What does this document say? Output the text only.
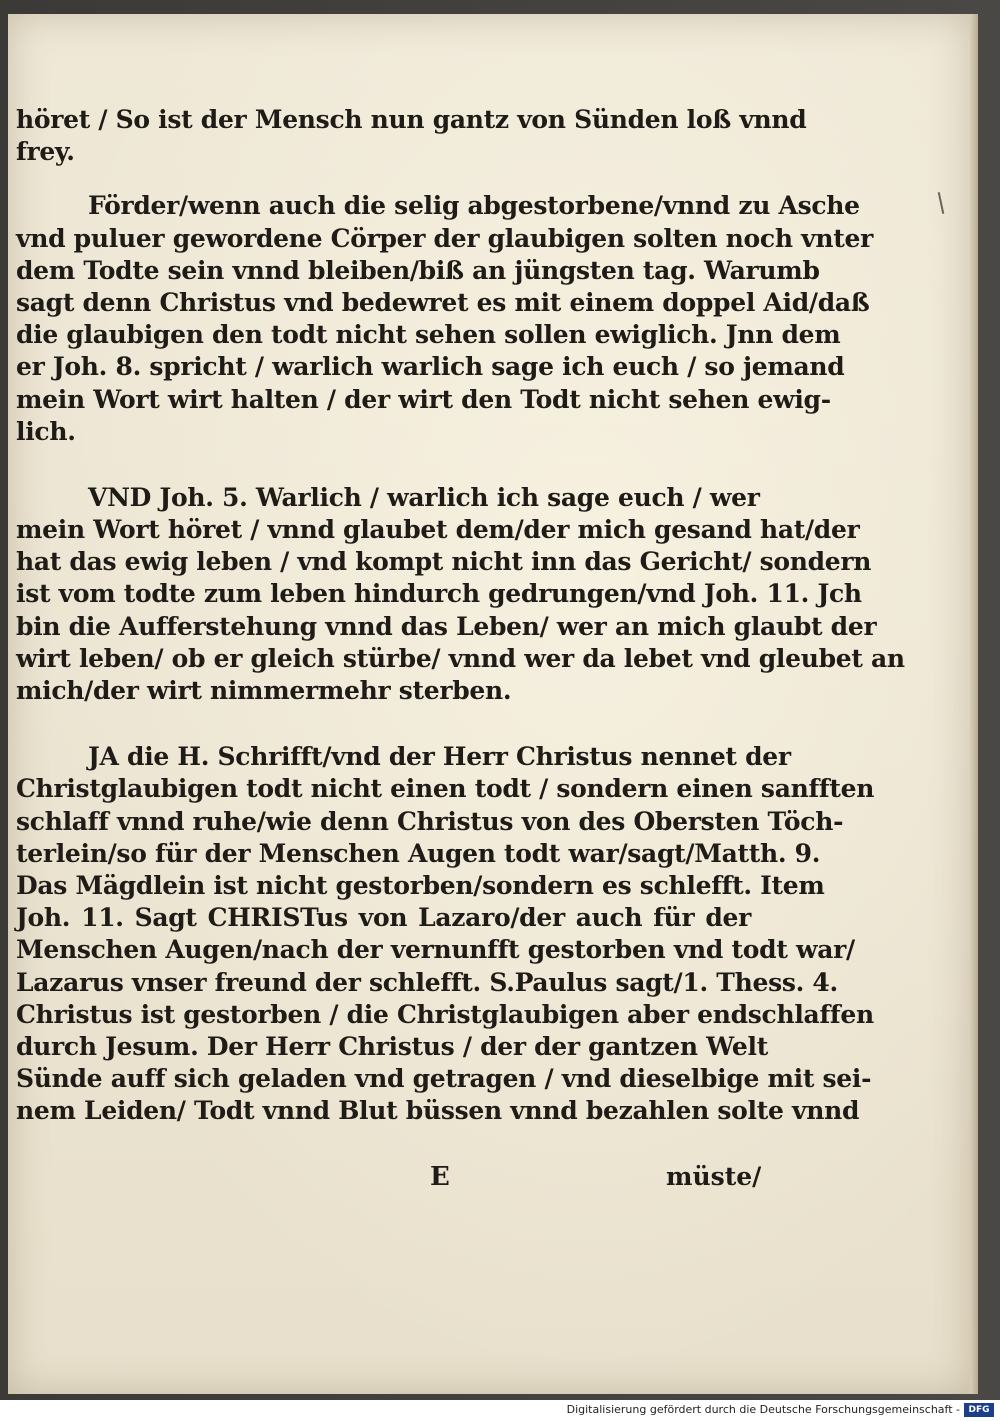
höret / So ist der Mensch nun gantz von Sünden loß vnnd
frey.
Förder/wenn auch die selig abgestorbene/vnnd zu Asche
vnd puluer gewordene Cörper der glaubigen solten noch vnter
dem Todte sein vnnd bleiben/biß an jüngsten tag. Warumb
sagt denn Christus vnd bedewret es mit einem doppel Aid/daß
die glaubigen den todt nicht sehen sollen ewiglich. Jnn dem
er Joh. 8. spricht / warlich warlich sage ich euch / so jemand
mein Wort wirt halten / der wirt den Todt nicht sehen ewig-
lich.
VND Joh. 5. Warlich / warlich ich sage euch / wer
mein Wort höret / vnnd glaubet dem/der mich gesand hat/der
hat das ewig leben / vnd kompt nicht inn das Gericht/ sondern
ist vom todte zum leben hindurch gedrungen/vnd Joh. 11. Jch
bin die Aufferstehung vnnd das Leben/ wer an mich glaubt der
wirt leben/ ob er gleich stürbe/ vnnd wer da lebet vnd gleubet an
mich/der wirt nimmermehr sterben.
JA die H. Schrifft/vnd der Herr Christus nennet der
Christglaubigen todt nicht einen todt / sondern einen sanfften
schlaff vnnd ruhe/wie denn Christus von des Obersten Töch-
terlein/so für der Menschen Augen todt war/sagt/Matth. 9.
Das Mägdlein ist nicht gestorben/sondern es schlefft. Item
Joh. 11. Sagt CHRISTus von Lazaro/der auch für der
Menschen Augen/nach der vernunfft gestorben vnd todt war/
Lazarus vnser freund der schlefft. S.Paulus sagt/1. Thess. 4.
Christus ist gestorben / die Christglaubigen aber endschlaffen
durch Jesum. Der Herr Christus / der der gantzen Welt
Sünde auff sich geladen vnd getragen / vnd dieselbige mit sei-
nem Leiden/ Todt vnnd Blut büssen vnnd bezahlen solte vnnd
E	müste/
Digitalisierung gefördert durch die Deutsche Forschungsgemeinschaft - DFG
